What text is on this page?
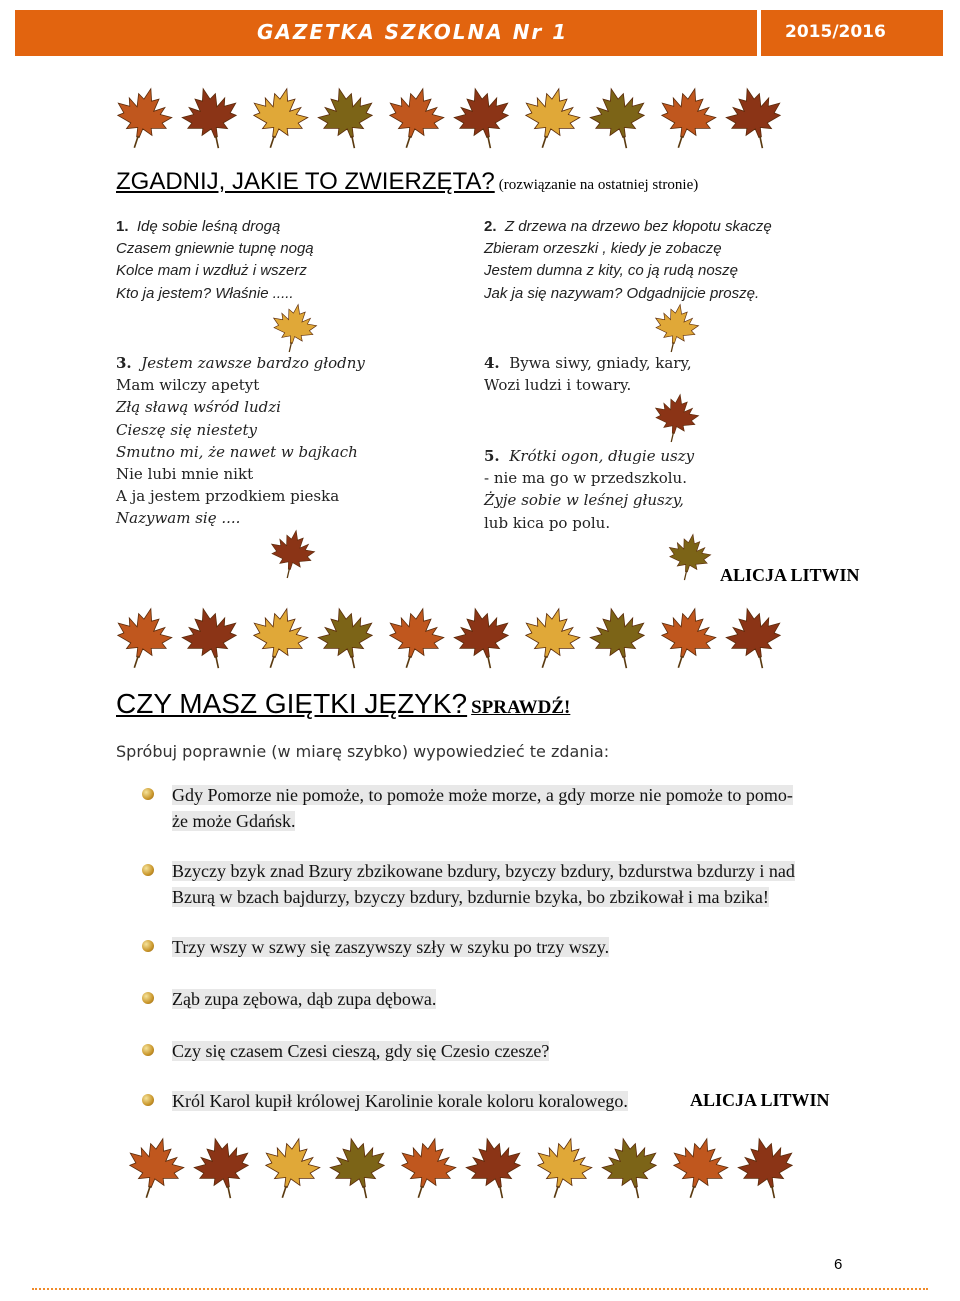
GAZETKA SZKOLNA Nr 1	2015/2016
ZGADNIJ, JAKIE TO ZWIERZĘTA? (rozwiązanie na ostatniej stronie)
1. Idę sobie leśną drogą
Czasem gniewnie tupnę nogą
Kolce mam i wzdłuż i wszerz
Kto ja jestem? Właśnie .....
2. Z drzewa na drzewo bez kłopotu skaczę
Zbieram orzeszki , kiedy je zobaczę
Jestem dumna z kity, co ją rudą noszę
Jak ja się nazywam? Odgadnijcie proszę.
3. Jestem zawsze bardzo głodny
Mam wilczy apetyt
Złą sławą wśród ludzi
Cieszę się niestety
Smutno mi, że nawet w bajkach
Nie lubi mnie nikt
A ja jestem przodkiem pieska
Nazywam się ....
4. Bywa siwy, gniady, kary,
Wozi ludzi i towary.
5. Krótki ogon, długie uszy
- nie ma go w przedszkolu.
Żyje sobie w leśnej głuszy,
lub kica po polu.
ALICJA LITWIN
CZY MASZ GIĘTKI JĘZYK? SPRAWDŹ!
Spróbuj poprawnie (w miarę szybko) wypowiedzieć te zdania:
Gdy Pomorze nie pomoże, to pomoże może morze, a gdy morze nie pomoże to pomo-
że może Gdańsk.
Bzyczy bzyk znad Bzury zbzikowane bzdury, bzyczy bzdury, bzdurstwa bzdurzy i nad
Bzurą w bzach bajdurzy, bzyczy bzdury, bzdurnie bzyka, bo zbzikował i ma bzika!
Trzy wszy w szwy się zaszywszy szły w szyku po trzy wszy.
Ząb zupa zębowa, dąb zupa dębowa.
Czy się czasem Czesi cieszą, gdy się Czesio czesze?
Król Karol kupił królowej Karolinie korale koloru koralowego.	ALICJA LITWIN
6
